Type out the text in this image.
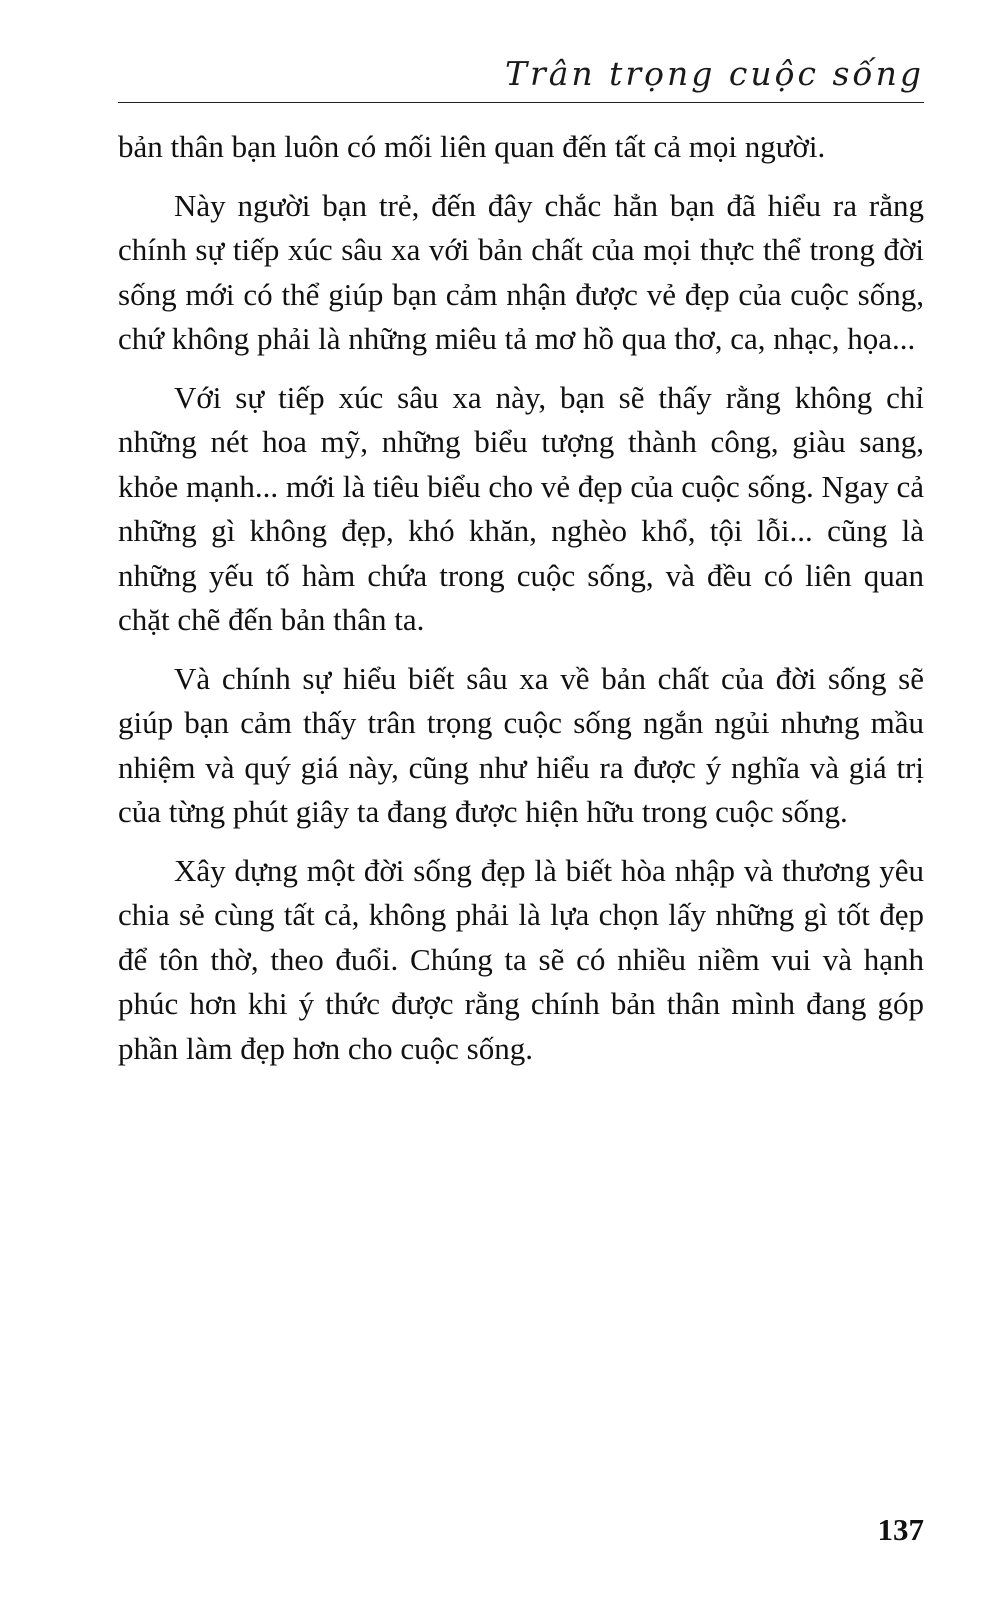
Trân trọng cuộc sống

bản thân bạn luôn có mối liên quan đến tất cả mọi người.

Này người bạn trẻ, đến đây chắc hẳn bạn đã hiểu ra rằng chính sự tiếp xúc sâu xa với bản chất của mọi thực thể trong đời sống mới có thể giúp bạn cảm nhận được vẻ đẹp của cuộc sống, chứ không phải là những miêu tả mơ hồ qua thơ, ca, nhạc, họa...

Với sự tiếp xúc sâu xa này, bạn sẽ thấy rằng không chỉ những nét hoa mỹ, những biểu tượng thành công, giàu sang, khỏe mạnh... mới là tiêu biểu cho vẻ đẹp của cuộc sống. Ngay cả những gì không đẹp, khó khăn, nghèo khổ, tội lỗi... cũng là những yếu tố hàm chứa trong cuộc sống, và đều có liên quan chặt chẽ đến bản thân ta.

Và chính sự hiểu biết sâu xa về bản chất của đời sống sẽ giúp bạn cảm thấy trân trọng cuộc sống ngắn ngủi nhưng mầu nhiệm và quý giá này, cũng như hiểu ra được ý nghĩa và giá trị của từng phút giây ta đang được hiện hữu trong cuộc sống.

Xây dựng một đời sống đẹp là biết hòa nhập và thương yêu chia sẻ cùng tất cả, không phải là lựa chọn lấy những gì tốt đẹp để tôn thờ, theo đuổi. Chúng ta sẽ có nhiều niềm vui và hạnh phúc hơn khi ý thức được rằng chính bản thân mình đang góp phần làm đẹp hơn cho cuộc sống.

137
